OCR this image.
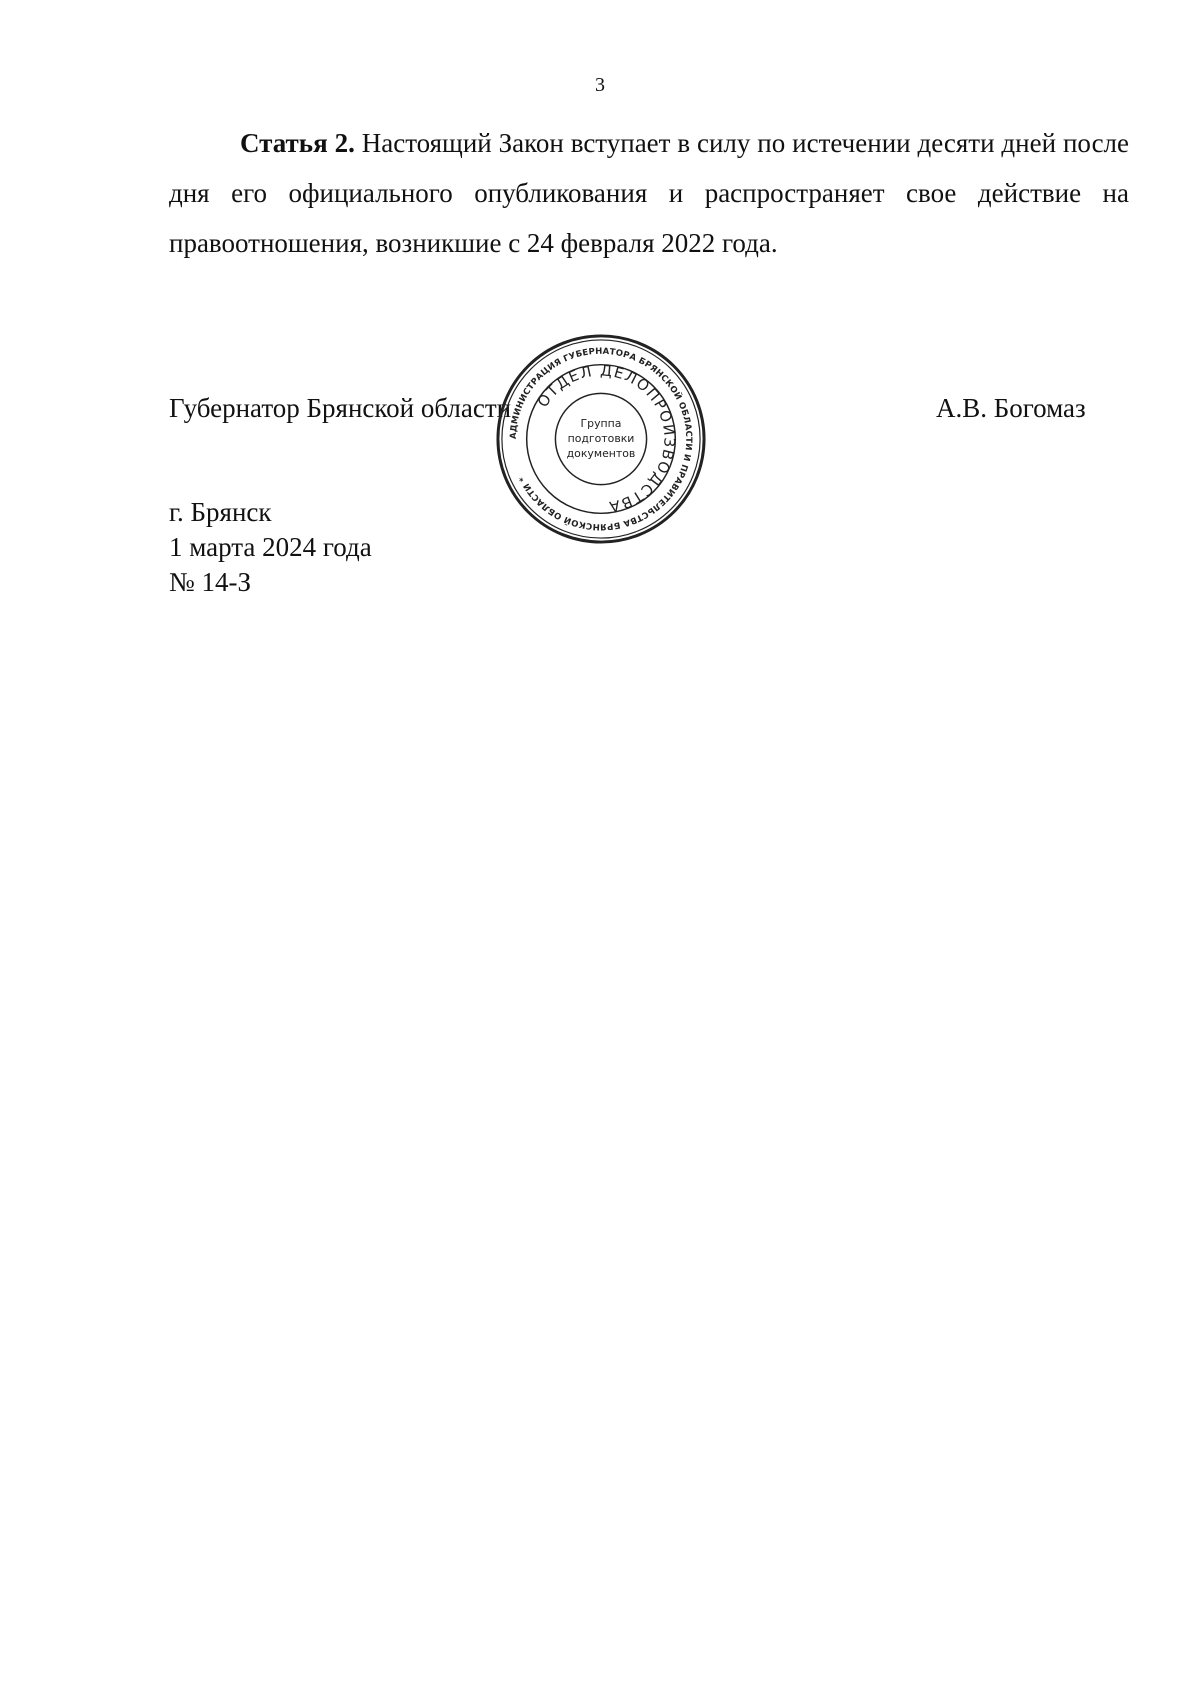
3

Статья 2. Настоящий Закон вступает в силу по истечении десяти дней после дня его официального опубликования и распространяет свое действие на правоотношения, возникшие с 24 февраля 2022 года.

Губернатор Брянской области	А.В. Богомаз
АДМИНИСТРАЦИЯ ГУБЕРНАТОРА БРЯНСКОЙ ОБЛАСТИ И ПРАВИТЕЛЬСТВА БРЯНСКОЙ ОБЛАСТИ *
ОТДЕЛ ДЕЛОПРОИЗВОДСТВА
Группа
подготовки
документов
г. Брянск
1 марта 2024 года
№ 14-З
